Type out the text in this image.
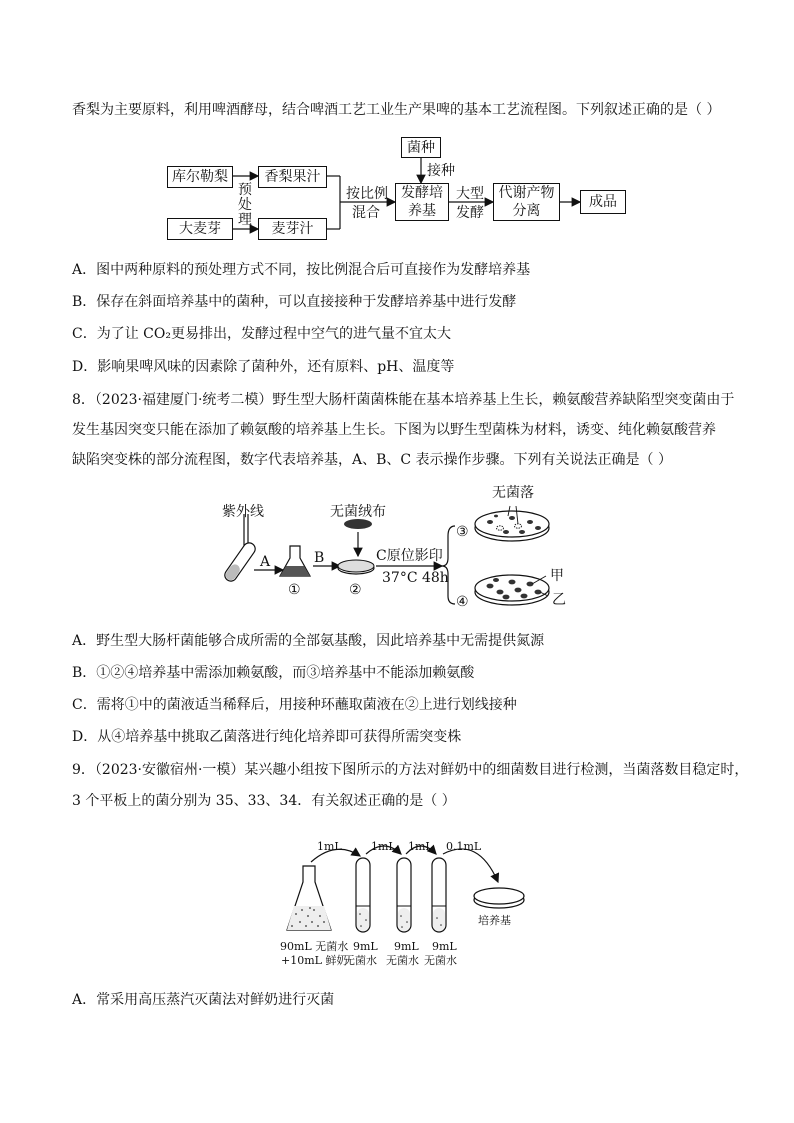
香梨为主要原料，利用啤酒酵母，结合啤酒工艺工业生产果啤的基本工艺流程图。下列叙述正确的是（ ）
库尔勒梨
大麦芽
香梨果汁
麦芽汁
预
处
理
按比例
混合
菌种
接种
发酵培
养基
大型
发酵
代谢产物
分离
成品
A．图中两种原料的预处理方式不同，按比例混合后可直接作为发酵培养基
B．保存在斜面培养基中的菌种，可以直接接种于发酵培养基中进行发酵
C．为了让 CO₂更易排出，发酵过程中空气的进气量不宜太大
D．影响果啤风味的因素除了菌种外，还有原料、pH、温度等
8．（2023·福建厦门·统考二模）野生型大肠杆菌菌株能在基本培养基上生长，赖氨酸营养缺陷型突变菌由于
发生基因突变只能在添加了赖氨酸的培养基上生长。下图为以野生型菌株为材料，诱变、纯化赖氨酸营养
缺陷突变株的部分流程图，数字代表培养基，A、B、C 表示操作步骤。下列有关说法正确是（ ）
紫外线	无菌绒布
无菌落
A	B	C原位影印
37°C 48h
①	②
③
④
甲
乙
A．野生型大肠杆菌能够合成所需的全部氨基酸，因此培养基中无需提供氮源
B．①②④培养基中需添加赖氨酸，而③培养基中不能添加赖氨酸
C．需将①中的菌液适当稀释后，用接种环蘸取菌液在②上进行划线接种
D．从④培养基中挑取乙菌落进行纯化培养即可获得所需突变株
9．（2023·安徽宿州·一模）某兴趣小组按下图所示的方法对鲜奶中的细菌数目进行检测，当菌落数目稳定时，
3 个平板上的菌分别为 35、33、34．有关叙述正确的是（ ）
1mL	1mL 1mL 0.1mL
培养基
90mL 无菌水
+10mL 鲜奶
9mL
无菌水
9mL
无菌水
9mL
无菌水
A．常采用高压蒸汽灭菌法对鲜奶进行灭菌
